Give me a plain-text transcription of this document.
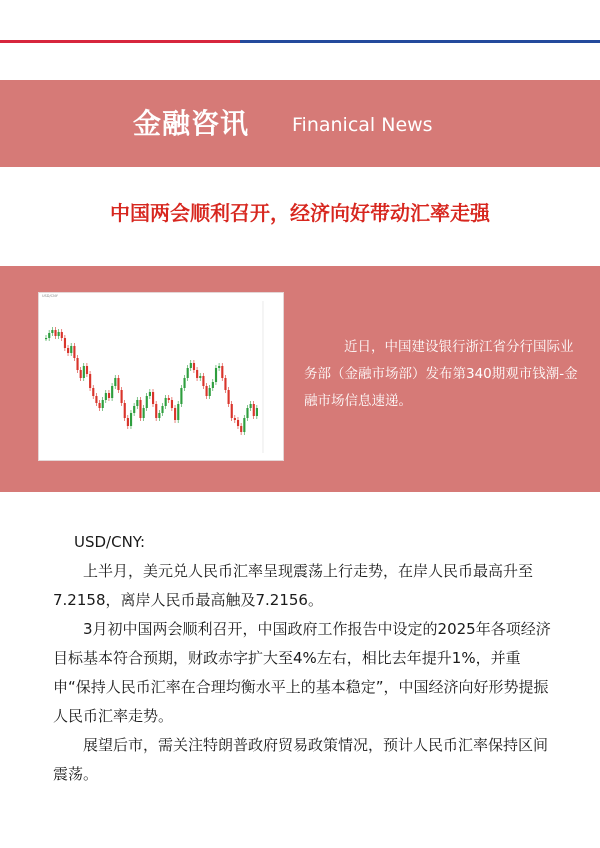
金融咨讯 Finanical News
中国两会顺利召开，经济向好带动汇率走强
USD/CNY
近日，中国建设银行浙江省分行国际业务部（金融市场部）发布第340期观市钱潮-金融市场信息速递。

USD/CNY:

上半月，美元兑人民币汇率呈现震荡上行走势，在岸人民币最高升至7.2158，离岸人民币最高触及7.2156。

3月初中国两会顺利召开，中国政府工作报告中设定的2025年各项经济目标基本符合预期，财政赤字扩大至4%左右，相比去年提升1%，并重申“保持人民币汇率在合理均衡水平上的基本稳定”，中国经济向好形势提振人民币汇率走势。

展望后市，需关注特朗普政府贸易政策情况，预计人民币汇率保持区间震荡。
